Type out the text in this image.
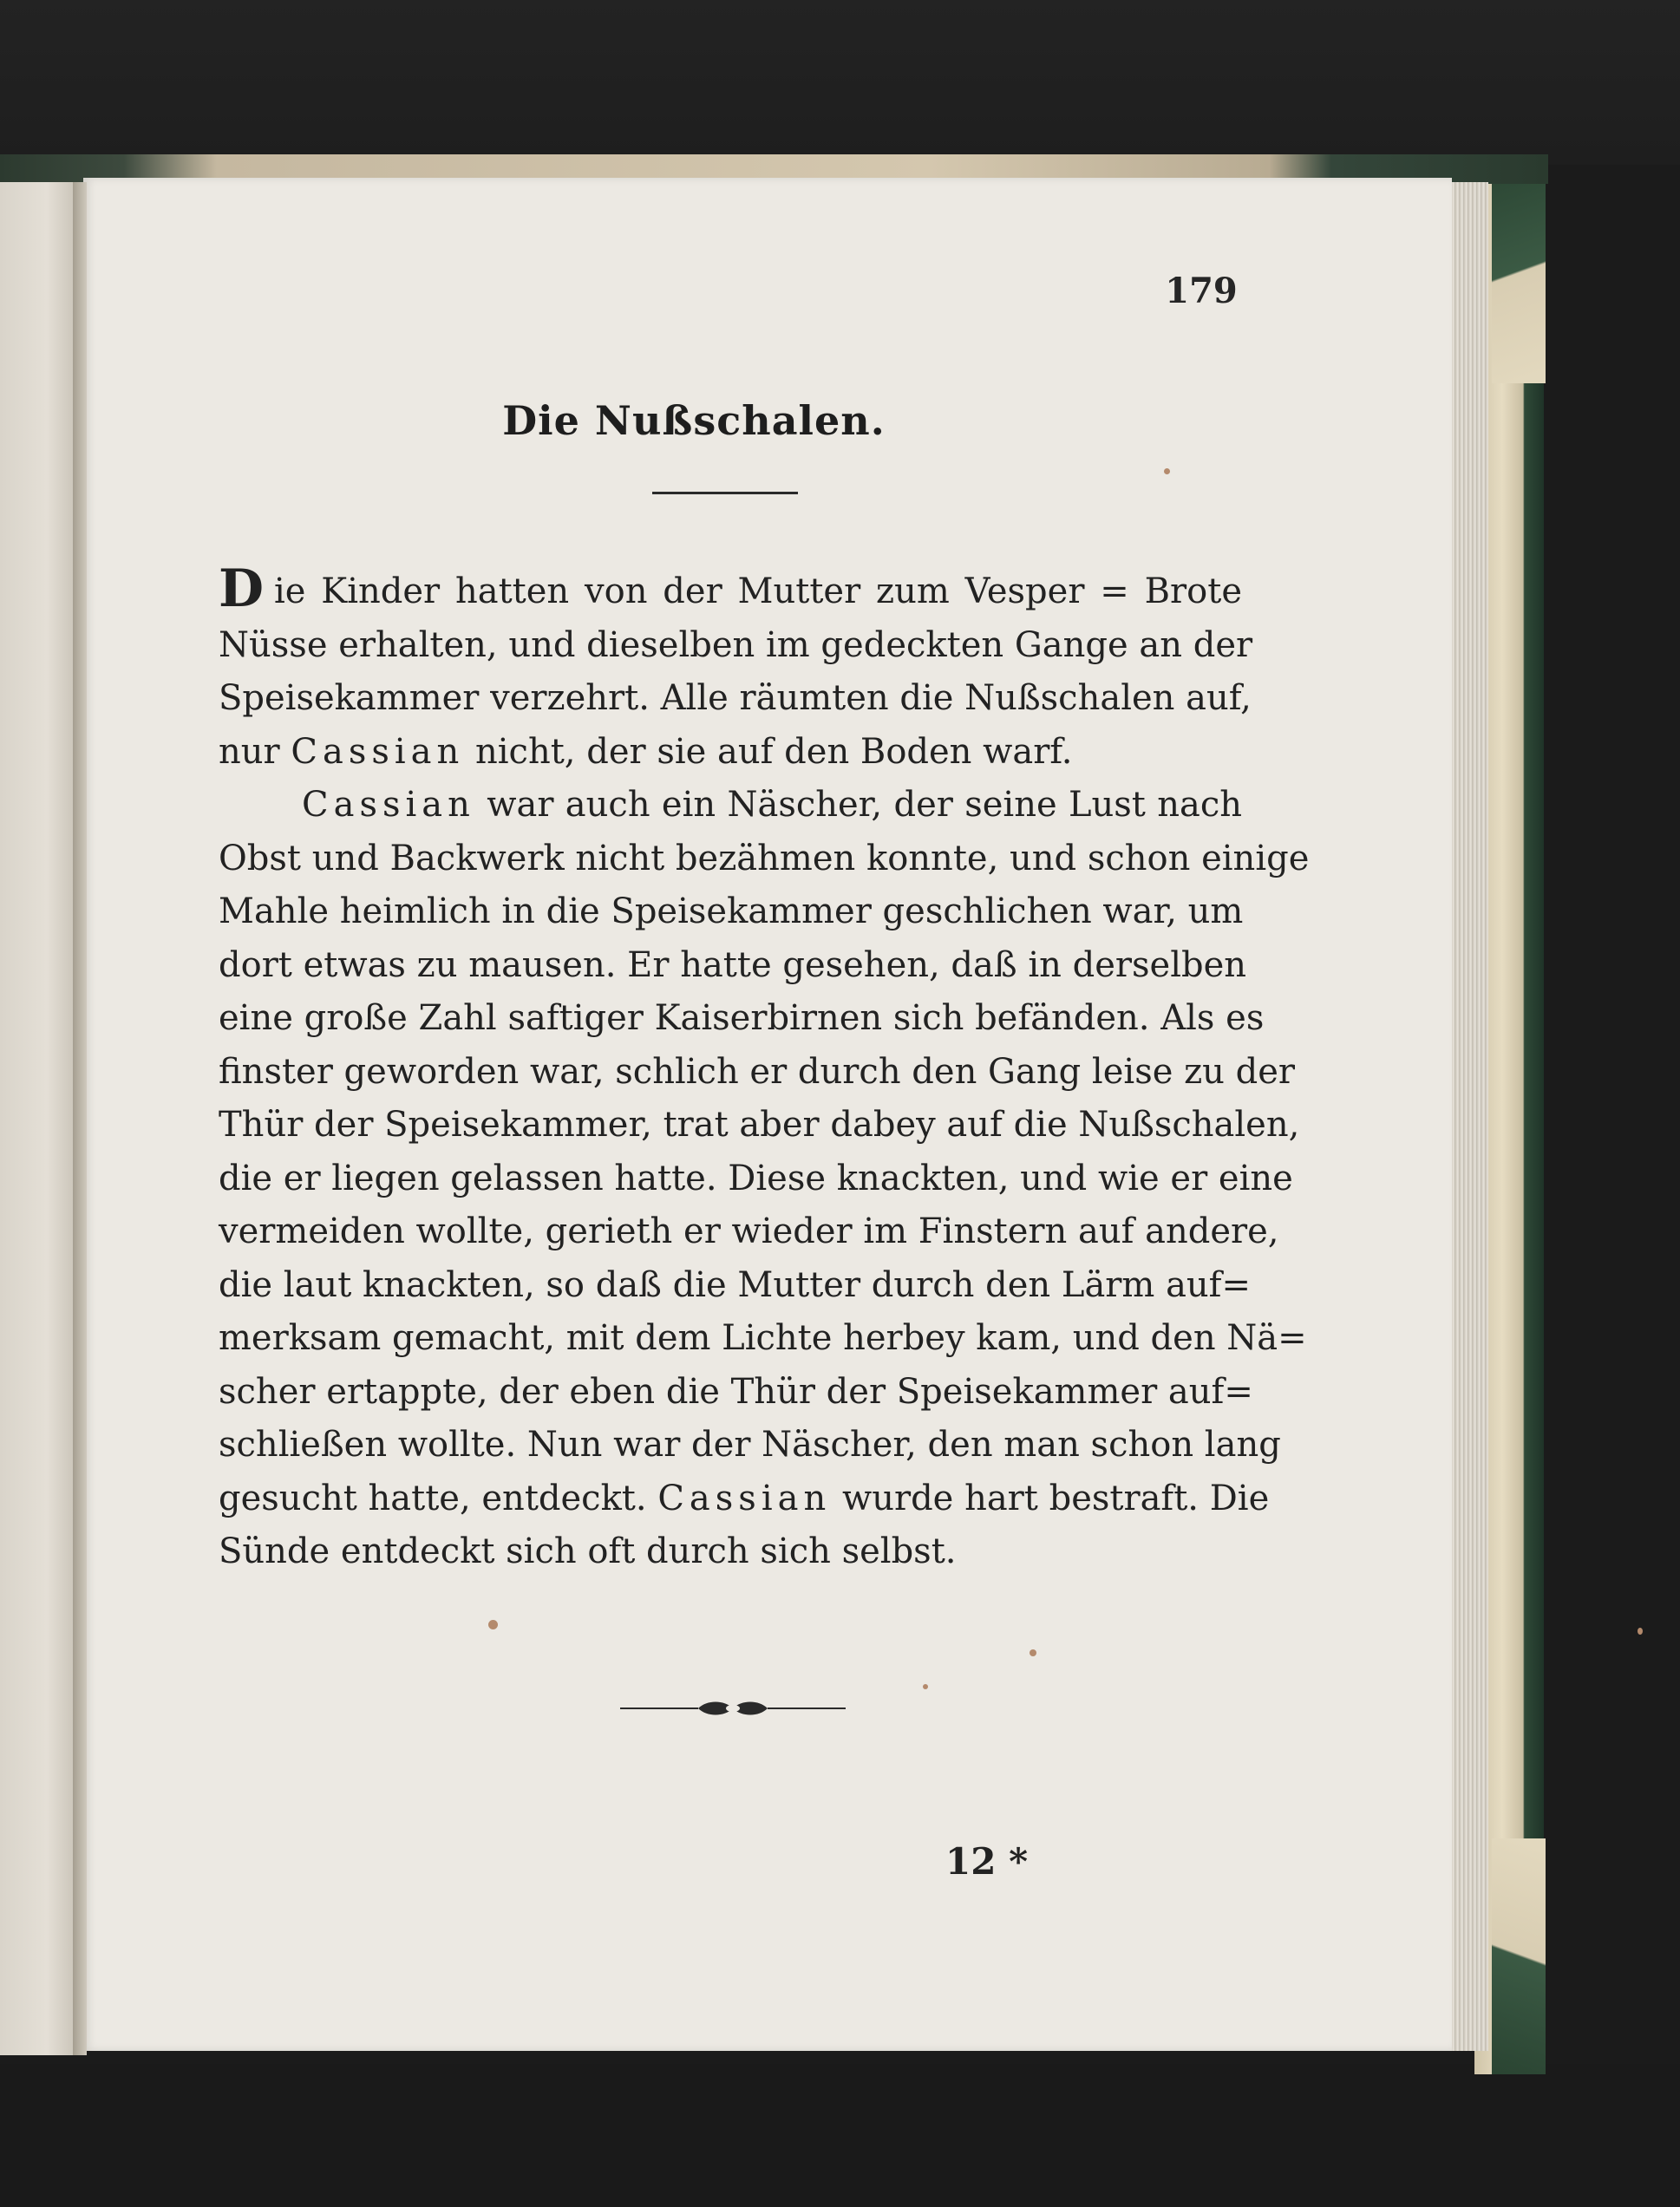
179
Die Nußschalen.
Die Kinder hatten von der Mutter zum Vesper = Brote
Nüsse erhalten, und dieselben im gedeckten Gange an der
Speisekammer verzehrt. Alle räumten die Nußschalen auf,
nur Cassian nicht, der sie auf den Boden warf.
Cassian war auch ein Näscher, der seine Lust nach
Obst und Backwerk nicht bezähmen konnte, und schon einige
Mahle heimlich in die Speisekammer geschlichen war, um
dort etwas zu mausen. Er hatte gesehen, daß in derselben
eine große Zahl saftiger Kaiserbirnen sich befänden. Als es
finster geworden war, schlich er durch den Gang leise zu der
Thür der Speisekammer, trat aber dabey auf die Nußschalen,
die er liegen gelassen hatte. Diese knackten, und wie er eine
vermeiden wollte, gerieth er wieder im Finstern auf andere,
die laut knackten, so daß die Mutter durch den Lärm auf=
merksam gemacht, mit dem Lichte herbey kam, und den Nä=
scher ertappte, der eben die Thür der Speisekammer auf=
schließen wollte. Nun war der Näscher, den man schon lang
gesucht hatte, entdeckt. Cassian wurde hart bestraft. Die
Sünde entdeckt sich oft durch sich selbst.
12 *
